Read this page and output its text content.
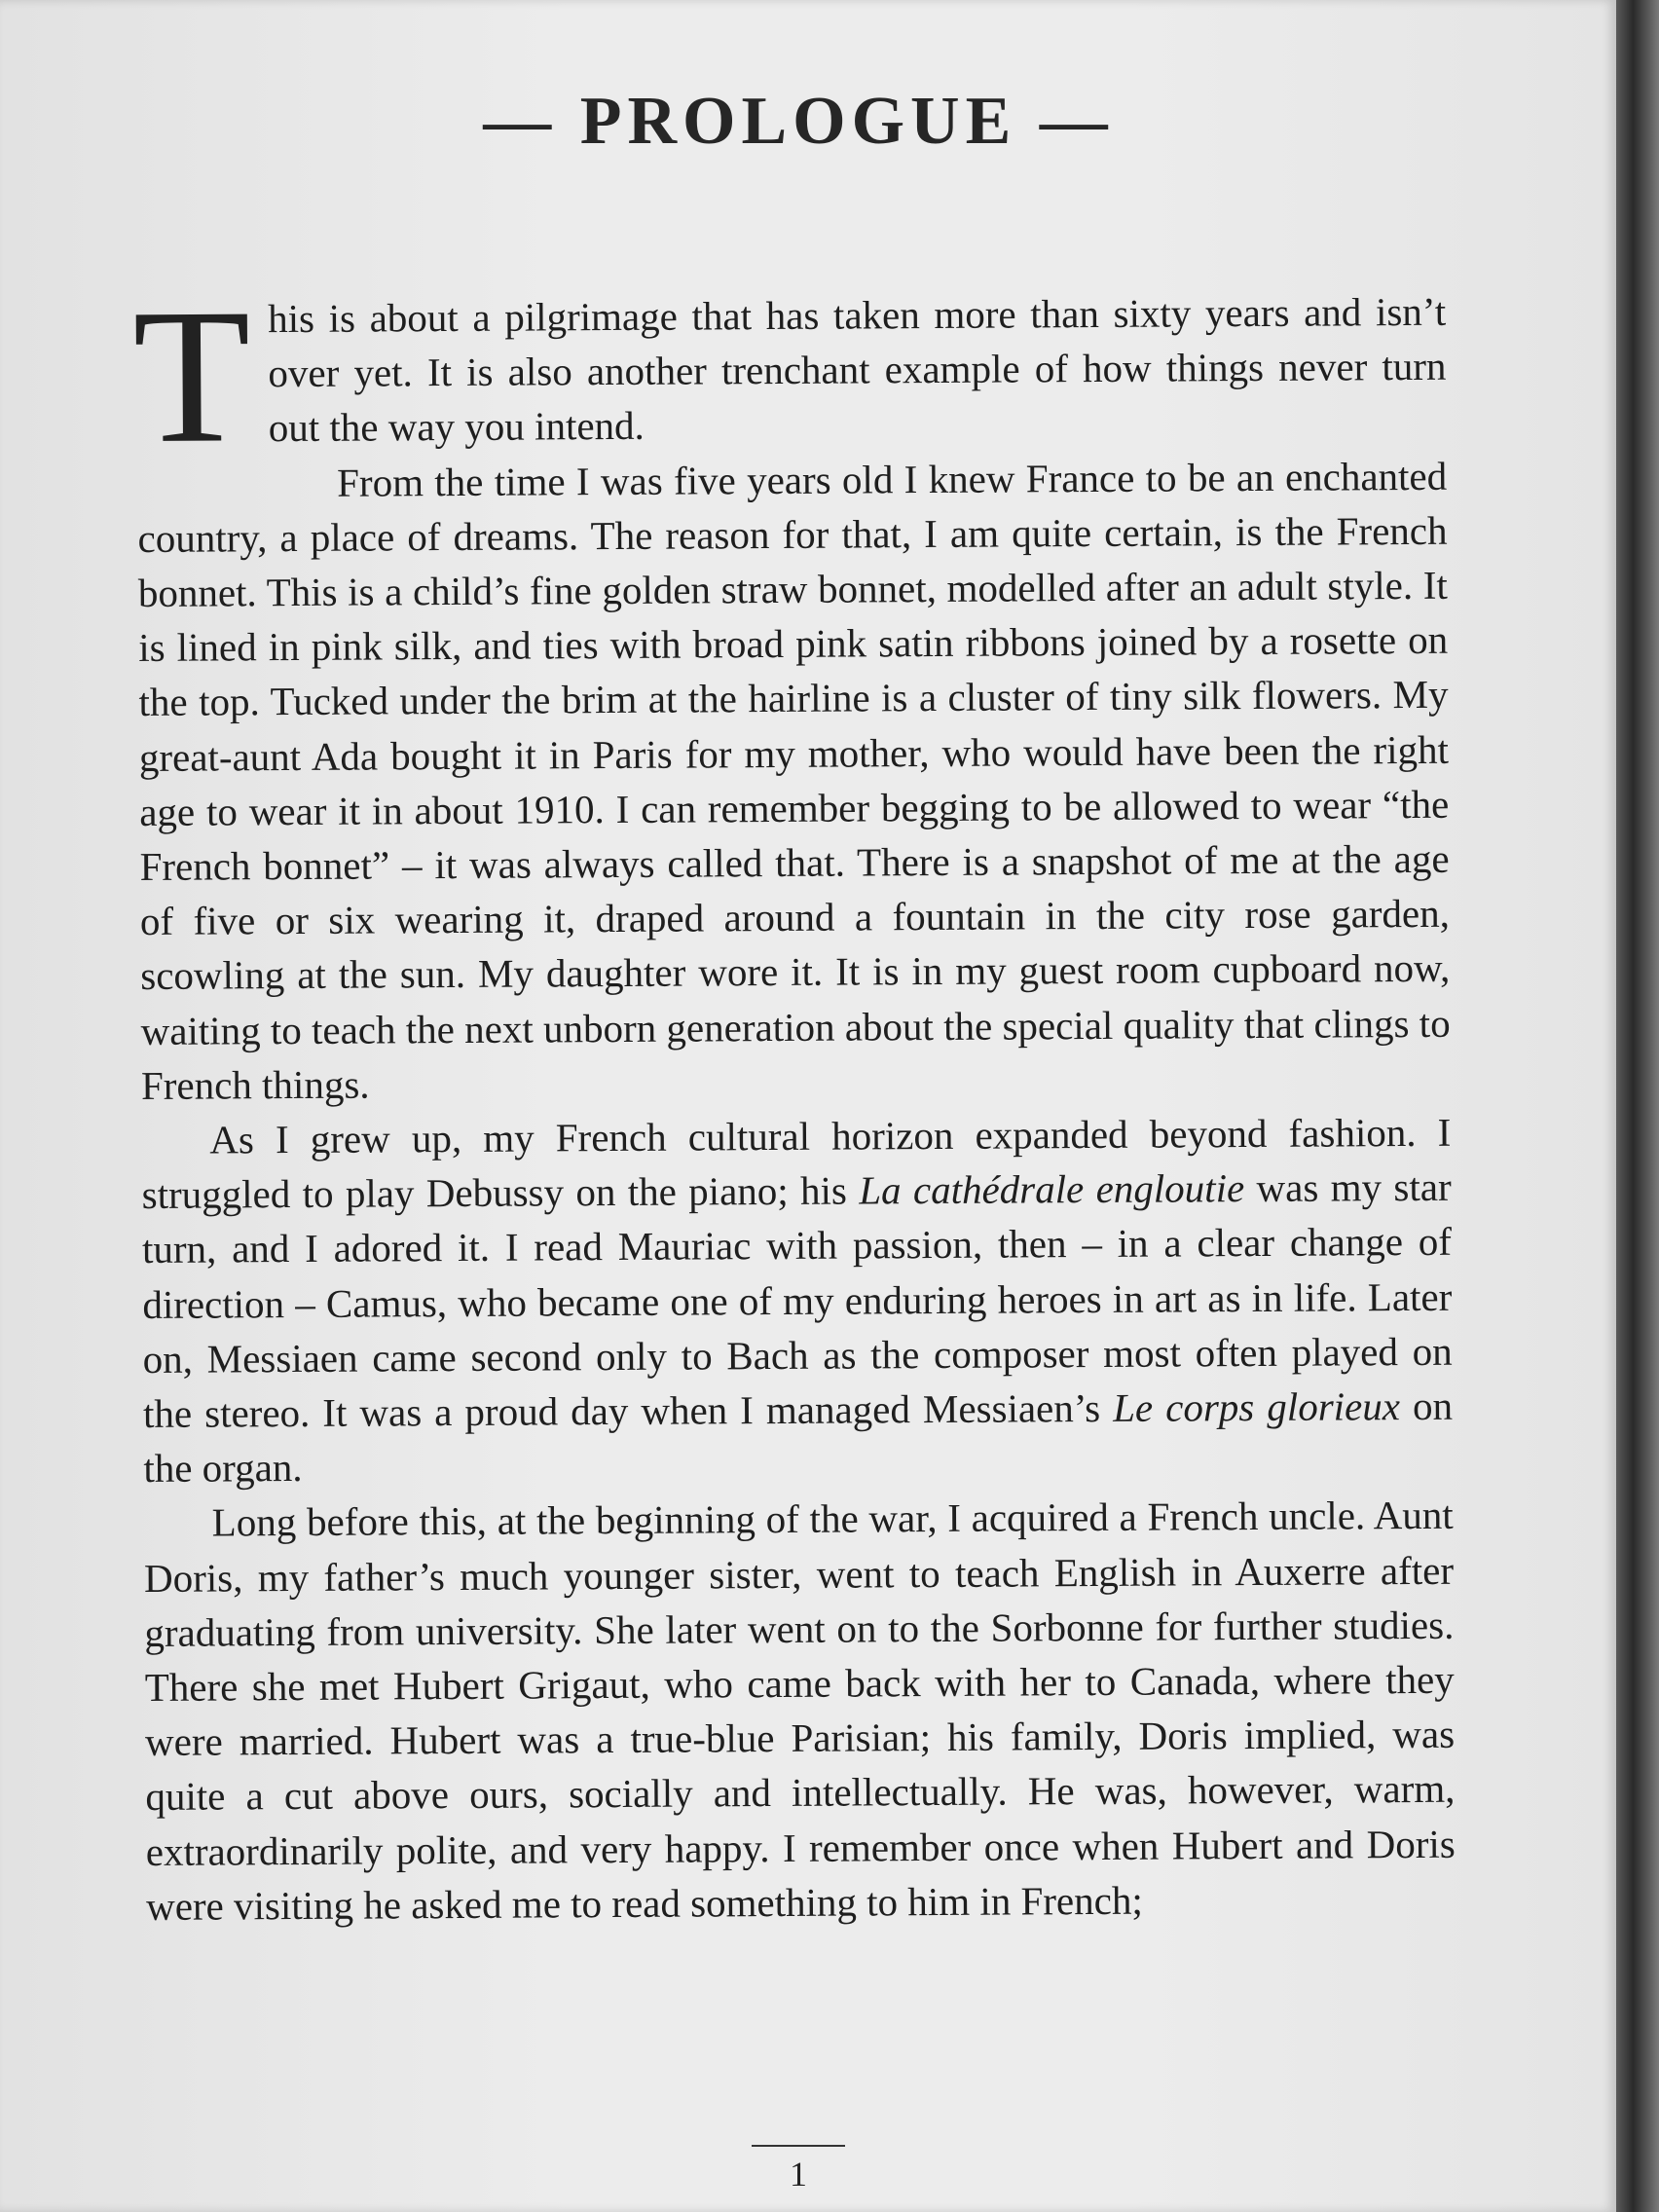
— PROLOGUE —

This is about a pilgrimage that has taken more than sixty years and isn’t over yet. It is also another trenchant example of how things never turn out the way you intend.

From the time I was five years old I knew France to be an enchanted country, a place of dreams. The reason for that, I am quite certain, is the French bonnet. This is a child’s fine golden straw bonnet, modelled after an adult style. It is lined in pink silk, and ties with broad pink satin ribbons joined by a rosette on the top. Tucked under the brim at the hairline is a cluster of tiny silk flowers. My great-aunt Ada bought it in Paris for my mother, who would have been the right age to wear it in about 1910. I can remember begging to be allowed to wear “the French bonnet” – it was always called that. There is a snapshot of me at the age of five or six wearing it, draped around a fountain in the city rose garden, scowling at the sun. My daughter wore it. It is in my guest room cupboard now, waiting to teach the next unborn generation about the special quality that clings to French things.

As I grew up, my French cultural horizon expanded beyond fashion. I struggled to play Debussy on the piano; his La cathédrale engloutie was my star turn, and I adored it. I read Mauriac with passion, then – in a clear change of direction – Camus, who became one of my enduring heroes in art as in life. Later on, Messiaen came second only to Bach as the composer most often played on the stereo. It was a proud day when I managed Messiaen’s Le corps glorieux on the organ.

Long before this, at the beginning of the war, I acquired a French uncle. Aunt Doris, my father’s much younger sister, went to teach English in Auxerre after graduating from university. She later went on to the Sorbonne for further studies. There she met Hubert Grigaut, who came back with her to Canada, where they were married. Hubert was a true-blue Parisian; his family, Doris implied, was quite a cut above ours, socially and intellectually. He was, however, warm, extraordinarily polite, and very happy. I remember once when Hubert and Doris were visiting he asked me to read something to him in French;

1
